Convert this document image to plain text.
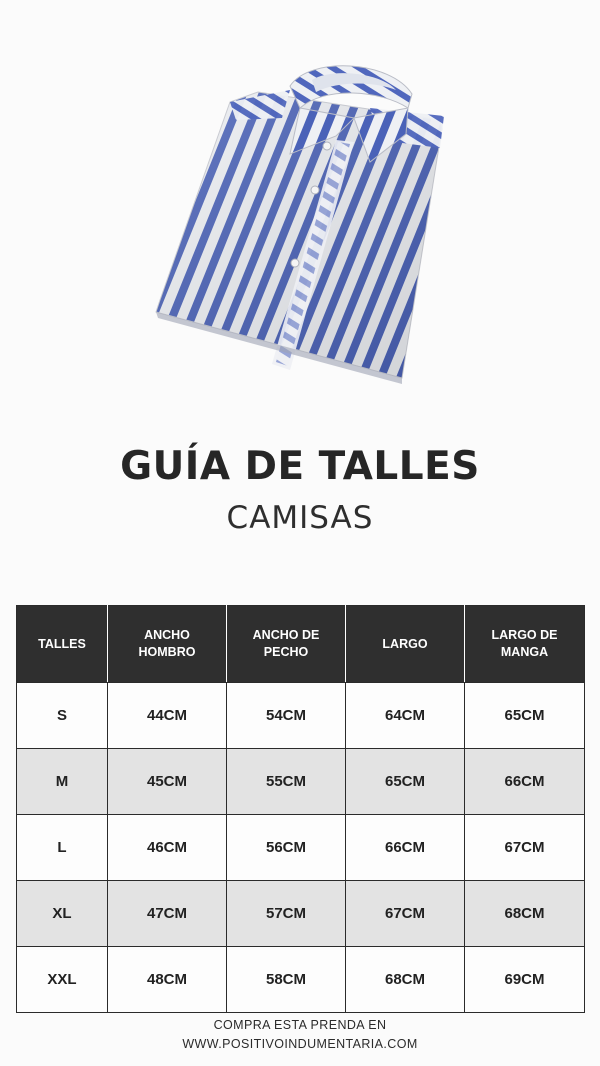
GUÍA DE TALLES
CAMISAS
TALLES	ANCHO HOMBRO	ANCHO DE PECHO	LARGO	LARGO DE MANGA
S	44CM	54CM	64CM	65CM
M	45CM	55CM	65CM	66CM
L	46CM	56CM	66CM	67CM
XL	47CM	57CM	67CM	68CM
XXL	48CM	58CM	68CM	69CM
COMPRA ESTA PRENDA EN
WWW.POSITIVOINDUMENTARIA.COM
